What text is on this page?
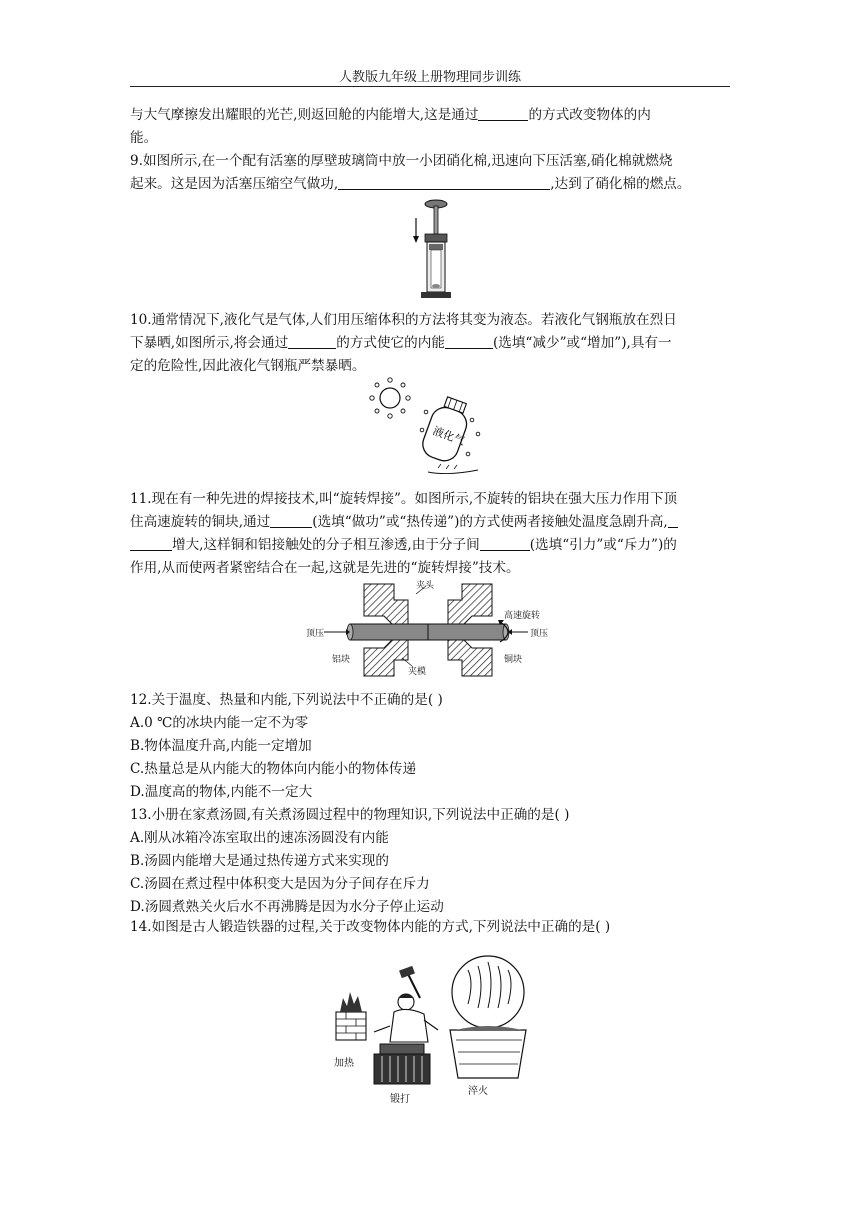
人教版九年级上册物理同步训练
与大气摩擦发出耀眼的光芒,则返回舱的内能增大,这是通过	的方式改变物体的内
能。
9.如图所示,在一个配有活塞的厚壁玻璃筒中放一小团硝化棉,迅速向下压活塞,硝化棉就燃烧
起来。这是因为活塞压缩空气做功,	,达到了硝化棉的燃点。
10.通常情况下,液化气是气体,人们用压缩体积的方法将其变为液态。若液化气钢瓶放在烈日
下暴晒,如图所示,将会通过	的方式使它的内能	(选填“减少”或“增加”),具有一
定的危险性,因此液化气钢瓶严禁暴晒。
液化气
11.现在有一种先进的焊接技术,叫“旋转焊接”。如图所示,不旋转的铝块在强大压力作用下顶
住高速旋转的铜块,通过	(选填“做功”或“热传递”)的方式使两者接触处温度急剧升高,
增大,这样铜和铝接触处的分子相互渗透,由于分子间	(选填“引力”或“斥力”)的
作用,从而使两者紧密结合在一起,这就是先进的“旋转焊接”技术。
夹头
高速旋转
顶压	顶压
铝块
夹模
铜块
12.关于温度、热量和内能,下列说法中不正确的是( )
A.0 ℃的冰块内能一定不为零
B.物体温度升高,内能一定增加
C.热量总是从内能大的物体向内能小的物体传递
D.温度高的物体,内能不一定大
13.小册在家煮汤圆,有关煮汤圆过程中的物理知识,下列说法中正确的是( )
A.刚从冰箱冷冻室取出的速冻汤圆没有内能
B.汤圆内能增大是通过热传递方式来实现的
C.汤圆在煮过程中体积变大是因为分子间存在斥力
D.汤圆煮熟关火后水不再沸腾是因为水分子停止运动
14.如图是古人锻造铁器的过程,关于改变物体内能的方式,下列说法中正确的是( )
加热
锻打
淬火
